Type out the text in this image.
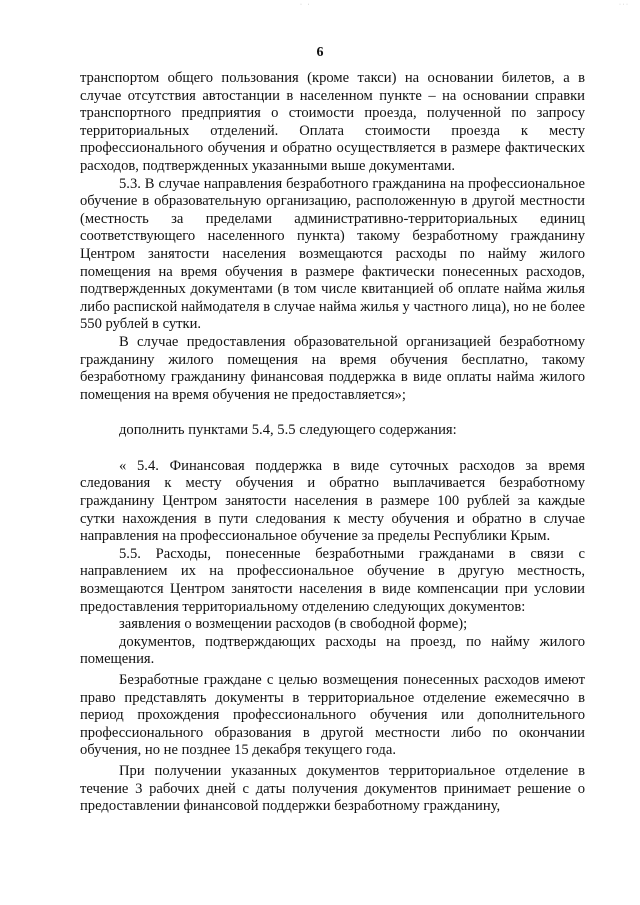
· ·	· · ·
6

транспортом общего пользования (кроме такси) на основании билетов, а в случае отсутствия автостанции в населенном пункте – на основании справки транспортного предприятия о стоимости проезда, полученной по запросу территориальных отделений. Оплата стоимости проезда к месту профессионального обучения и обратно осуществляется в размере фактических расходов, подтвержденных указанными выше документами.

5.3. В случае направления безработного гражданина на профессиональное обучение в образовательную организацию, расположенную в другой местности (местность за пределами административно-территориальных единиц соответствующего населенного пункта) такому безработному гражданину Центром занятости населения возмещаются расходы по найму жилого помещения на время обучения в размере фактически понесенных расходов, подтвержденных документами (в том числе квитанцией об оплате найма жилья либо распиской наймодателя в случае найма жилья у частного лица), но не более 550 рублей в сутки.

В случае предоставления образовательной организацией безработному гражданину жилого помещения на время обучения бесплатно, такому безработному гражданину финансовая поддержка в виде оплаты найма жилого помещения на время обучения не предоставляется»;

дополнить пунктами 5.4, 5.5 следующего содержания:

« 5.4. Финансовая поддержка в виде суточных расходов за время следования к месту обучения и обратно выплачивается безработному гражданину Центром занятости населения в размере 100 рублей за каждые сутки нахождения в пути следования к месту обучения и обратно в случае направления на профессиональное обучение за пределы Республики Крым.

5.5. Расходы, понесенные безработными гражданами в связи с направлением их на профессиональное обучение в другую местность, возмещаются Центром занятости населения в виде компенсации при условии предоставления территориальному отделению следующих документов:

заявления о возмещении расходов (в свободной форме);

документов, подтверждающих расходы на проезд, по найму жилого помещения.

Безработные граждане с целью возмещения понесенных расходов имеют право представлять документы в территориальное отделение ежемесячно в период прохождения профессионального обучения или дополнительного профессионального образования в другой местности либо по окончании обучения, но не позднее 15 декабря текущего года.

При получении указанных документов территориальное отделение в течение 3 рабочих дней с даты получения документов принимает решение о предоставлении финансовой поддержки безработному гражданину,
